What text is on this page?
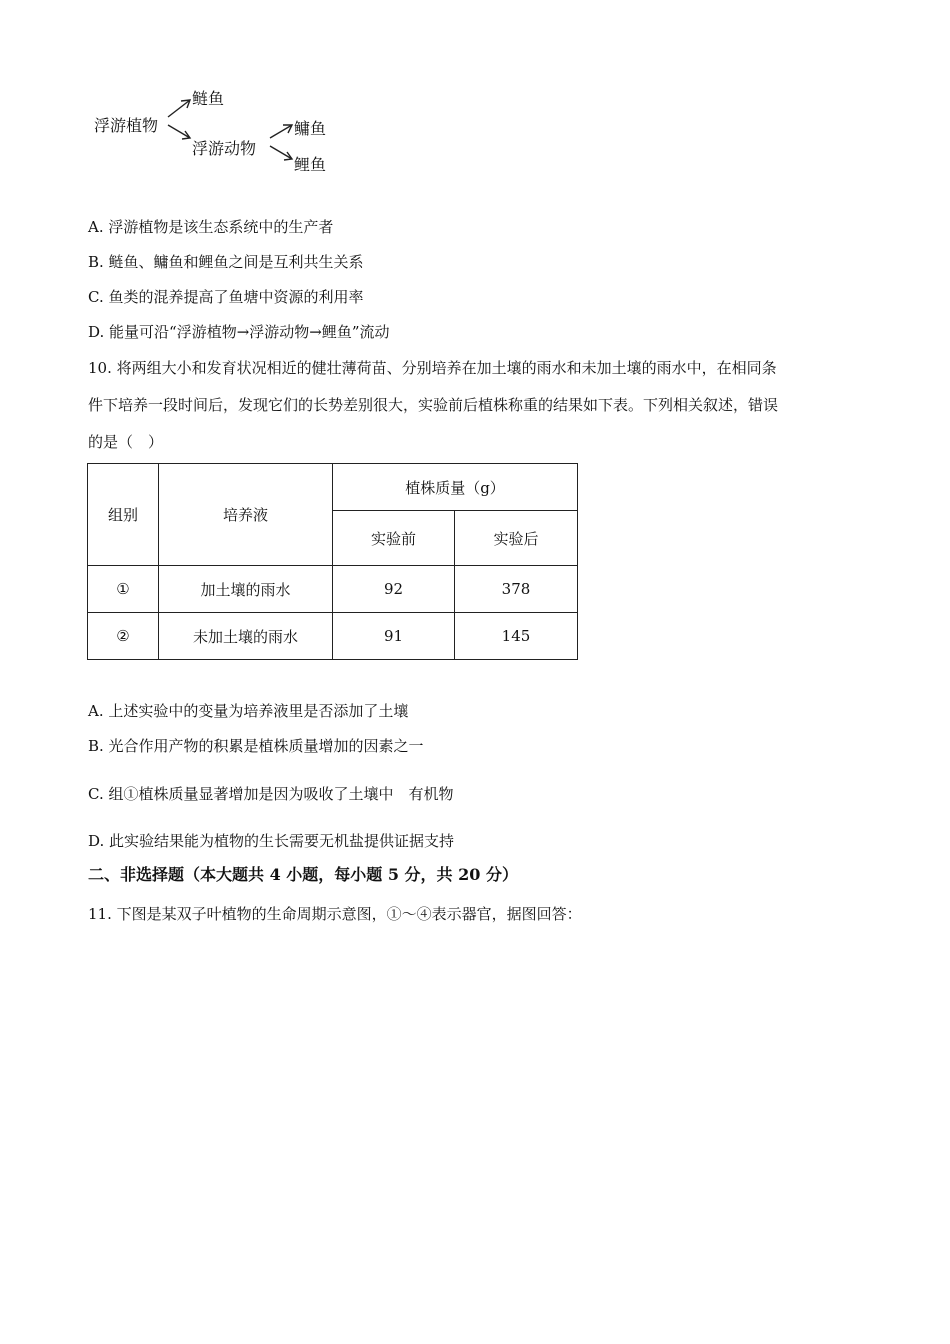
浮游植物
鲢鱼
浮游动物
鳙鱼
鲤鱼
A. 浮游植物是该生态系统中的生产者
B. 鲢鱼、鳙鱼和鲤鱼之间是互利共生关系
C. 鱼类的混养提高了鱼塘中资源的利用率
D. 能量可沿“浮游植物→浮游动物→鲤鱼”流动
10. 将两组大小和发育状况相近的健壮薄荷苗、分别培养在加土壤的雨水和未加土壤的雨水中，在相同条
件下培养一段时间后，发现它们的长势差别很大，实验前后植株称重的结果如下表。下列相关叙述，错误
的是（　）
组别	培养液	植株质量（g）	
		实验前	实验后
①	加土壤的雨水	92	378
②	未加土壤的雨水	91	145
A. 上述实验中的变量为培养液里是否添加了土壤
B. 光合作用产物的积累是植株质量增加的因素之一
C. 组①植株质量显著增加是因为吸收了土壤中　有机物
D. 此实验结果能为植物的生长需要无机盐提供证据支持
二、非选择题（本大题共 4 小题，每小题 5 分，共 20 分）
11. 下图是某双子叶植物的生命周期示意图，①～④表示器官，据图回答：
